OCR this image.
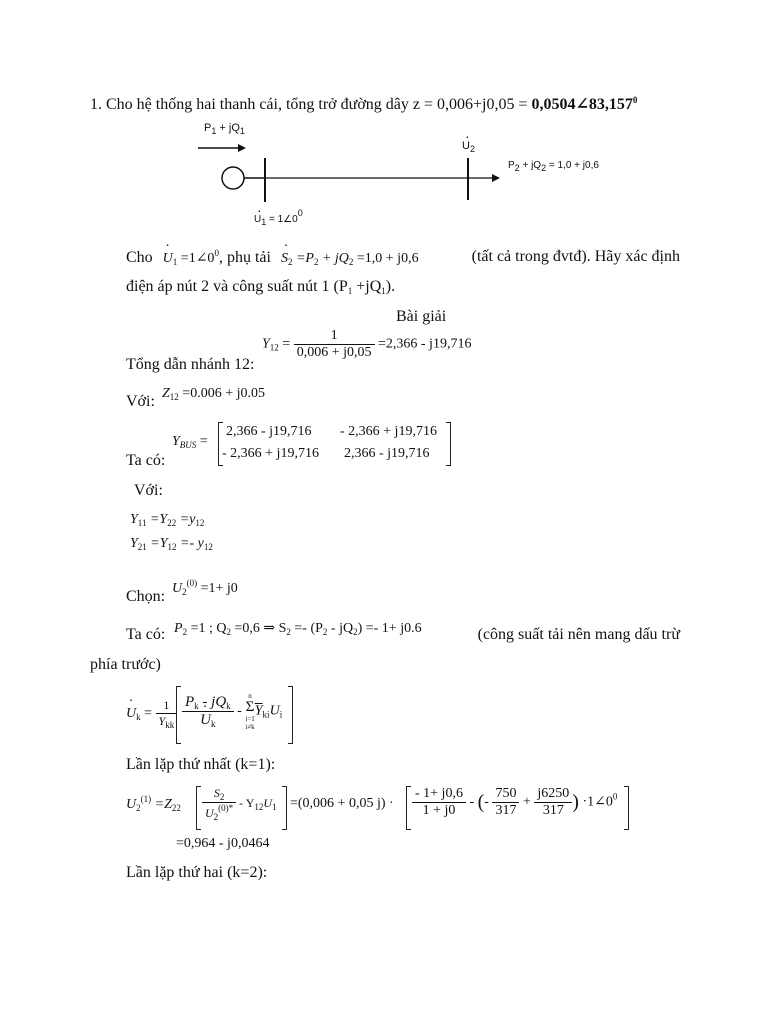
1. Cho hệ thống hai thanh cái, tổng trở đường dây $z = 0,006+j0,05 = 0,0504\angle 83,157^0$
$P_1 + jQ_1$
· $U_2$
P2 + jQ2 = 1,0 + j0,6
· U1 = 1∠00
Cho · $U_1$ $=1\angle 0^0$, phụ tải · $S_2 =P_2 + jQ_2 =1,0 + j0,6$	(tất cả trong đvtđ). Hãy xác định
điện áp nút 2 và công suất nút 1 $(P_1 +jQ_1)$.
Bài giải
Tổng dẫn nhánh 12:
$Y_{12} = \frac{1}{0,006 + j0,05} =2,366 - j19,716$
Với: $Z_{12} =0.006 + j0.05$
Ta có:
$Y_{BUS}$ =
2,366 - j19,716 - 2,366 + j19,716
- 2,366 + j19,716 2,366 - j19,716
Với:
$Y_{11} =Y_{22} =y_{12}$
$Y_{21} =Y_{12} =- y_{12}$
Chọn: $U_2^{(0)} =1+ j0$
Ta có: $P_2 =1$ ; $Q_2 =0,6$ ⇒ $S_2 =- (P_2 - jQ_2) =- 1+ j0.6$	(công suất tải nên mang dấu trừ
phía trước)
· $U_k = \frac{1}{Y_{kk}} P_k - jQ_k$
· $U_k$ -
n
Σ
i=1
i≠k
$\overline{Y}_{ki}U_i$
Lần lặp thứ nhất (k=1):
$U_2^{(1)} =Z_{22} \frac{S_2}{U_2^{(0)*}} - Y_{12}U_1 =(0,006 + 0,05$ $j) \cdot \frac{- 1+ j0,6}{1 + j0}$ - (- $\frac{750}{317} + \frac{j6250}{317}$ ) $\cdot 1\angle 0^0$
=0,964 - j0,0464
Lần lặp thứ hai (k=2):
